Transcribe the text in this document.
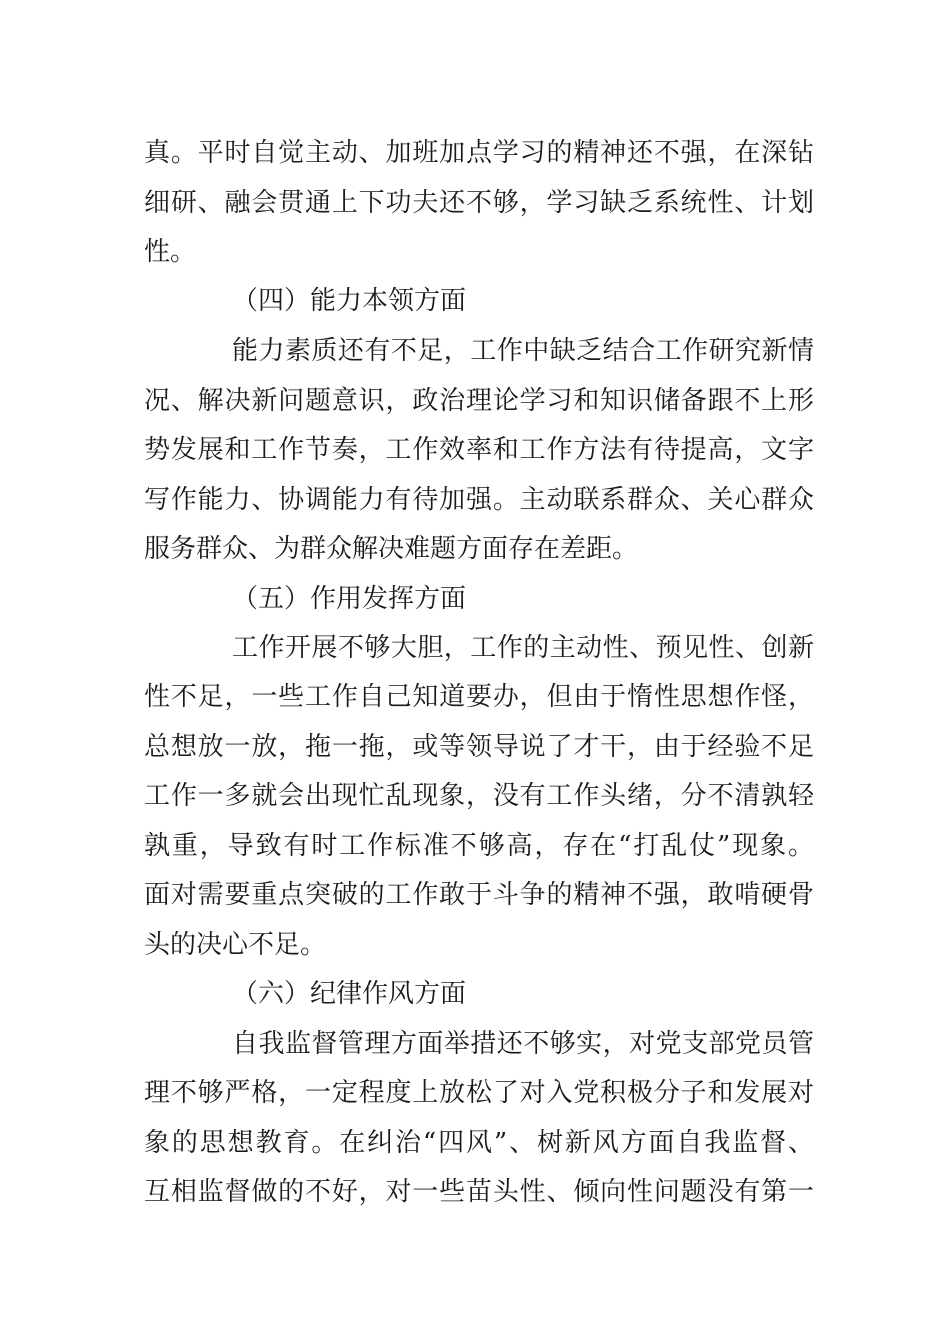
真。平时自觉主动、加班加点学习的精神还不强，在深钻
细研、融会贯通上下功夫还不够，学习缺乏系统性、计划
性。
（四）能力本领方面
能力素质还有不足，工作中缺乏结合工作研究新情
况、解决新问题意识，政治理论学习和知识储备跟不上形
势发展和工作节奏，工作效率和工作方法有待提高，文字
写作能力、协调能力有待加强。主动联系群众、关心群众
服务群众、为群众解决难题方面存在差距。
（五）作用发挥方面
工作开展不够大胆，工作的主动性、预见性、创新
性不足，一些工作自己知道要办，但由于惰性思想作怪，
总想放一放，拖一拖，或等领导说了才干，由于经验不足
工作一多就会出现忙乱现象，没有工作头绪，分不清孰轻
孰重，导致有时工作标准不够高，存在“打乱仗”现象。
面对需要重点突破的工作敢于斗争的精神不强，敢啃硬骨
头的决心不足。
（六）纪律作风方面
自我监督管理方面举措还不够实，对党支部党员管
理不够严格，一定程度上放松了对入党积极分子和发展对
象的思想教育。在纠治“四风”、树新风方面自我监督、
互相监督做的不好，对一些苗头性、倾向性问题没有第一
